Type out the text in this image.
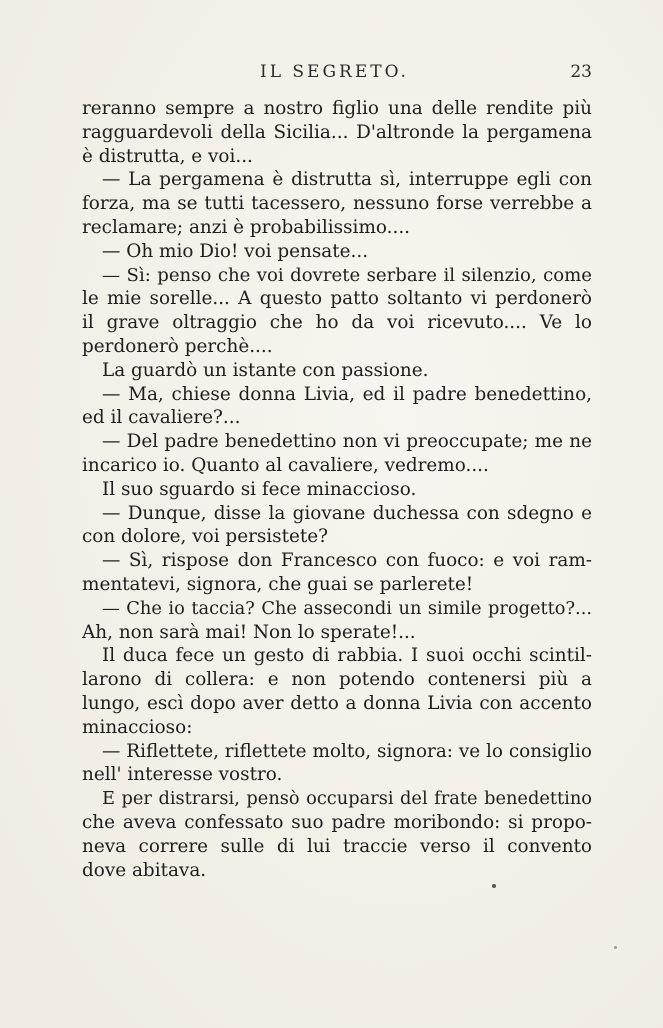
IL SEGRETO.	23
reranno sempre a nostro figlio una delle rendite più
ragguardevoli della Sicilia... D'altronde la pergamena
è distrutta, e voi...
— La pergamena è distrutta sì, interruppe egli con
forza, ma se tutti tacessero, nessuno forse verrebbe a
reclamare; anzi è probabilissimo....
— Oh mio Dio! voi pensate...
— Sì: penso che voi dovrete serbare il silenzio, come
le mie sorelle... A questo patto soltanto vi perdonerò
il grave oltraggio che ho da voi ricevuto.... Ve lo
perdonerò perchè....
La guardò un istante con passione.
— Ma, chiese donna Livia, ed il padre benedettino,
ed il cavaliere?...
— Del padre benedettino non vi preoccupate; me ne
incarico io. Quanto al cavaliere, vedremo....
Il suo sguardo si fece minaccioso.
— Dunque, disse la giovane duchessa con sdegno e
con dolore, voi persistete?
— Sì, rispose don Francesco con fuoco: e voi ram-
mentatevi, signora, che guai se parlerete!
— Che io taccia? Che assecondi un simile progetto?...
Ah, non sarà mai! Non lo sperate!...
Il duca fece un gesto di rabbia. I suoi occhi scintil-
larono di collera: e non potendo contenersi più a
lungo, escì dopo aver detto a donna Livia con accento
minaccioso:
— Riflettete, riflettete molto, signora: ve lo consiglio
nell' interesse vostro.
E per distrarsi, pensò occuparsi del frate benedettino
che aveva confessato suo padre moribondo: si propo-
neva correre sulle di lui traccie verso il convento
dove abitava.
